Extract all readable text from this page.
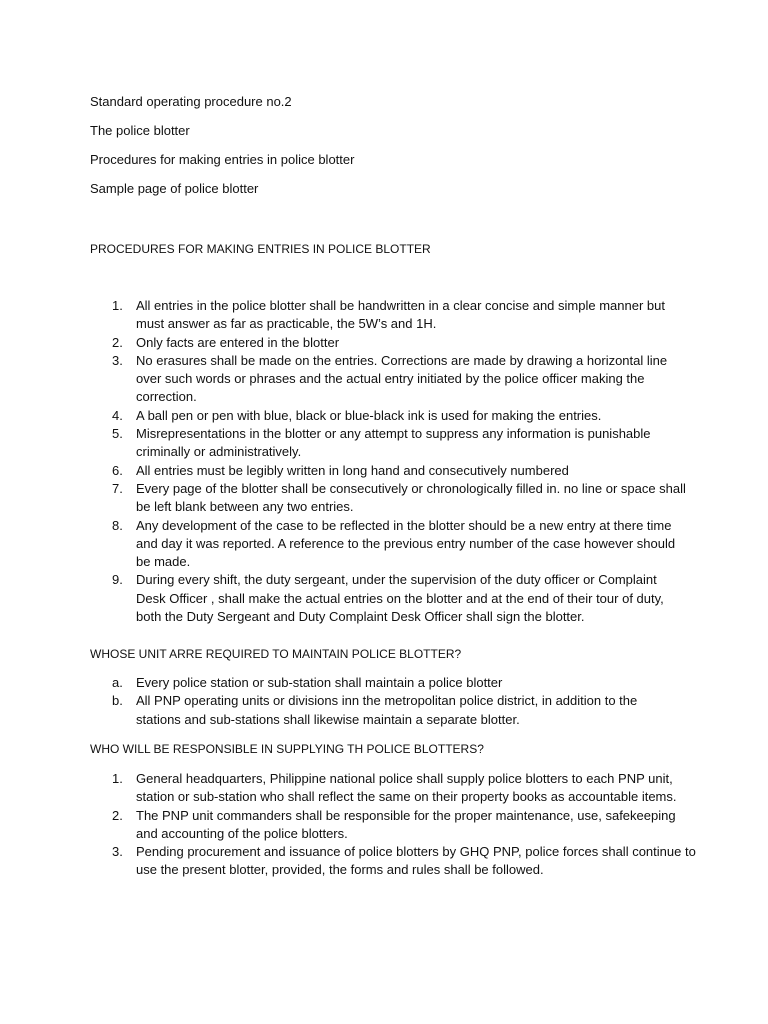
Standard operating procedure no.2

The police blotter

Procedures for making entries in police blotter

Sample page of police blotter

PROCEDURES FOR MAKING ENTRIES IN POLICE BLOTTER
1.	All entries in the police blotter shall be handwritten in a clear concise and simple manner but
must answer as far as practicable, the 5W’s and 1H.
2.	Only facts are entered in the blotter
3.	No erasures shall be made on the entries. Corrections are made by drawing a horizontal line
over such words or phrases and the actual entry initiated by the police officer making the
correction.
4.	A ball pen or pen with blue, black or blue-black ink is used for making the entries.
5.	Misrepresentations in the blotter or any attempt to suppress any information is punishable
criminally or administratively.
6.	All entries must be legibly written in long hand and consecutively numbered
7.	Every page of the blotter shall be consecutively or chronologically filled in. no line or space shall
be left blank between any two entries.
8.	Any development of the case to be reflected in the blotter should be a new entry at there time
and day it was reported. A reference to the previous entry number of the case however should
be made.
9.	During every shift, the duty sergeant, under the supervision of the duty officer or Complaint
Desk Officer , shall make the actual entries on the blotter and at the end of their tour of duty,
both the Duty Sergeant and Duty Complaint Desk Officer shall sign the blotter.
WHOSE UNIT ARRE REQUIRED TO MAINTAIN POLICE BLOTTER?
a.	Every police station or sub-station shall maintain a police blotter
b.	All PNP operating units or divisions inn the metropolitan police district, in addition to the
stations and sub-stations shall likewise maintain a separate blotter.
WHO WILL BE RESPONSIBLE IN SUPPLYING TH POLICE BLOTTERS?
1.	General headquarters, Philippine national police shall supply police blotters to each PNP unit,
station or sub-station who shall reflect the same on their property books as accountable items.
2.	The PNP unit commanders shall be responsible for the proper maintenance, use, safekeeping
and accounting of the police blotters.
3.	Pending procurement and issuance of police blotters by GHQ PNP, police forces shall continue to
use the present blotter, provided, the forms and rules shall be followed.
